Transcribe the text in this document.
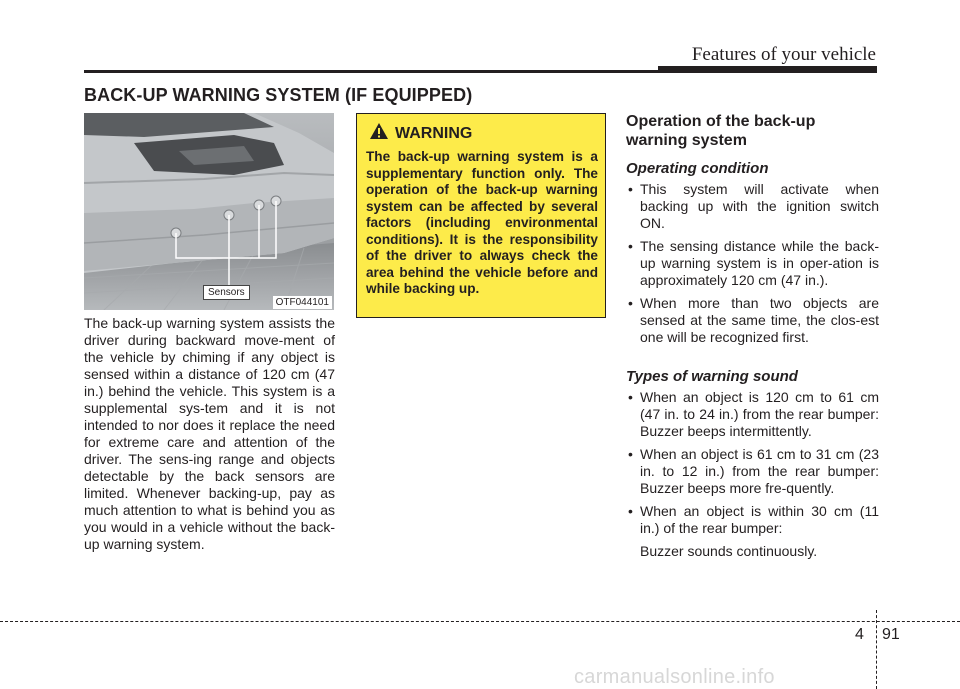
Features of your vehicle
BACK-UP WARNING SYSTEM (IF EQUIPPED)
Sensors
OTF044101
The back-up warning system assists the driver during backward move-ment of the vehicle by chiming if any object is sensed within a distance of 120 cm (47 in.) behind the vehicle. This system is a supplemental sys-tem and it is not intended to nor does it replace the need for extreme care and attention of the driver. The sens-ing range and objects detectable by the back sensors are limited. Whenever backing-up, pay as much attention to what is behind you as you would in a vehicle without the back-up warning system.
WARNING
The back-up warning system is a supplementary function only. The operation of the back-up warning system can be affected by several factors (including environmental conditions). It is the responsibility of the driver to always check the area behind the vehicle before and while backing up.
Operation of the back-up warning system
Operating condition
• This system will activate when backing up with the ignition switch ON.
• The sensing distance while the back-up warning system is in oper-ation is approximately 120 cm (47 in.).
• When more than two objects are sensed at the same time, the clos-est one will be recognized first.
Types of warning sound
• When an object is 120 cm to 61 cm (47 in. to 24 in.) from the rear bumper: Buzzer beeps intermittently.
• When an object is 61 cm to 31 cm (23 in. to 12 in.) from the rear bumper: Buzzer beeps more fre-quently.
• When an object is within 30 cm (11 in.) of the rear bumper:
Buzzer sounds continuously.
4 91
carmanualsonline.info
